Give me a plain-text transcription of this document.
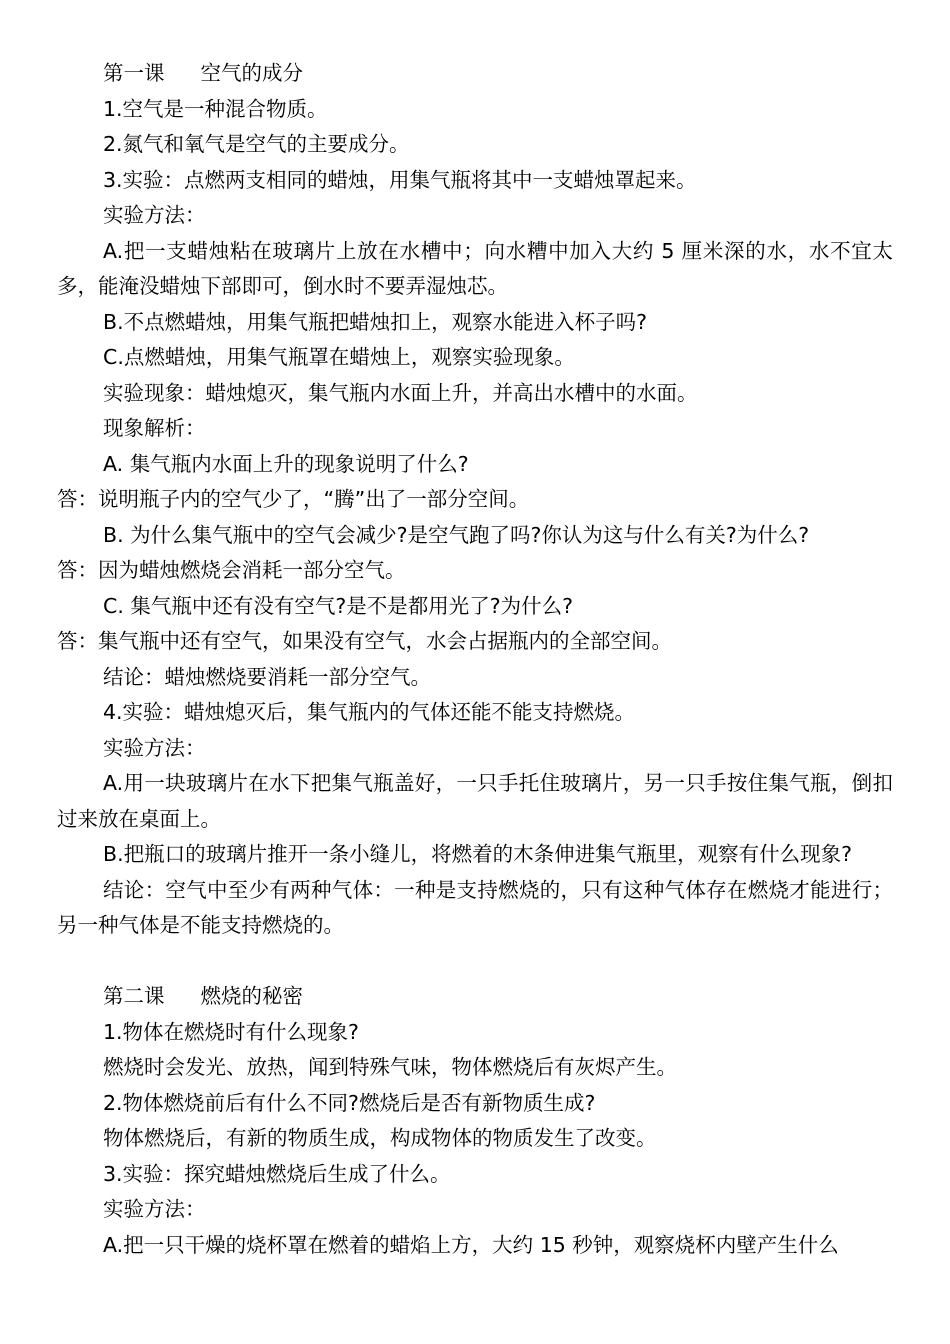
第一课 空气的成分

1.空气是一种混合物质。

2.氮气和氧气是空气的主要成分。

3.实验：点燃两支相同的蜡烛，用集气瓶将其中一支蜡烛罩起来。

实验方法：

A.把一支蜡烛粘在玻璃片上放在水槽中；向水糟中加入大约 5 厘米深的水，水不宜太多，能淹没蜡烛下部即可，倒水时不要弄湿烛芯。

B.不点燃蜡烛，用集气瓶把蜡烛扣上，观察水能进入杯子吗?

C.点燃蜡烛，用集气瓶罩在蜡烛上，观察实验现象。

实验现象：蜡烛熄灭，集气瓶内水面上升，并高出水槽中的水面。

现象解析：

A. 集气瓶内水面上升的现象说明了什么?

答：说明瓶子内的空气少了，“腾”出了一部分空间。

B. 为什么集气瓶中的空气会减少?是空气跑了吗?你认为这与什么有关?为什么?

答：因为蜡烛燃烧会消耗一部分空气。

C. 集气瓶中还有没有空气?是不是都用光了?为什么?

答：集气瓶中还有空气，如果没有空气，水会占据瓶内的全部空间。

结论：蜡烛燃烧要消耗一部分空气。

4.实验：蜡烛熄灭后，集气瓶内的气体还能不能支持燃烧。

实验方法：

A.用一块玻璃片在水下把集气瓶盖好，一只手托住玻璃片，另一只手按住集气瓶，倒扣过来放在桌面上。

B.把瓶口的玻璃片推开一条小缝儿，将燃着的木条伸进集气瓶里，观察有什么现象?

结论：空气中至少有两种气体：一种是支持燃烧的，只有这种气体存在燃烧才能进行；另一种气体是不能支持燃烧的。

第二课 燃烧的秘密

1.物体在燃烧时有什么现象?

燃烧时会发光、放热，闻到特殊气味，物体燃烧后有灰烬产生。

2.物体燃烧前后有什么不同?燃烧后是否有新物质生成?

物体燃烧后，有新的物质生成，构成物体的物质发生了改变。

3.实验：探究蜡烛燃烧后生成了什么。

实验方法：

A.把一只干燥的烧杯罩在燃着的蜡焰上方，大约 15 秒钟，观察烧杯内壁产生什么
